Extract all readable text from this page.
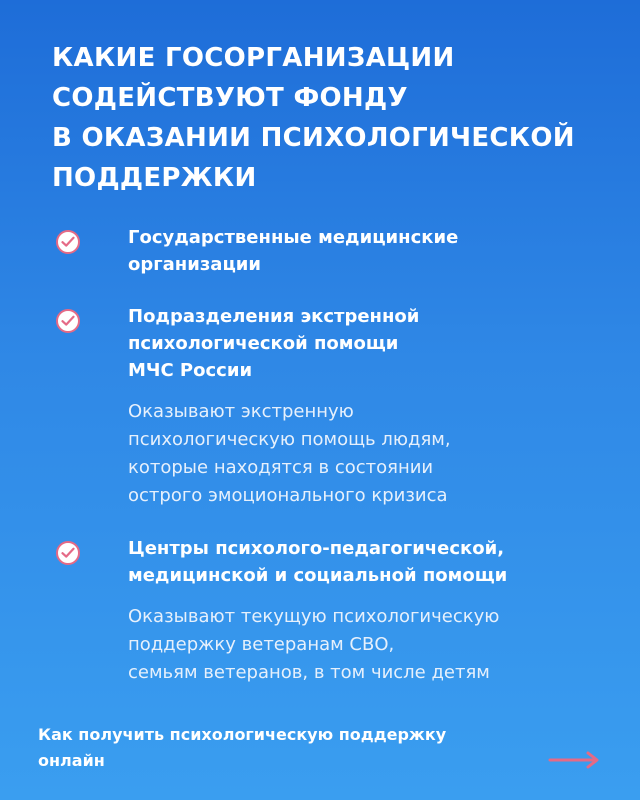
КАКИЕ ГОСОРГАНИЗАЦИИ
СОДЕЙСТВУЮТ ФОНДУ
В ОКАЗАНИИ ПСИХОЛОГИЧЕСКОЙ
ПОДДЕРЖКИ
Государственные медицинские
организации
Подразделения экстренной
психологической помощи
МЧС России
Оказывают экстренную
психологическую помощь людям,
которые находятся в состоянии
острого эмоционального кризиса
Центры психолого-педагогической,
медицинской и социальной помощи
Оказывают текущую психологическую
поддержку ветеранам СВО,
семьям ветеранов, в том числе детям
Как получить психологическую поддержку
онлайн
